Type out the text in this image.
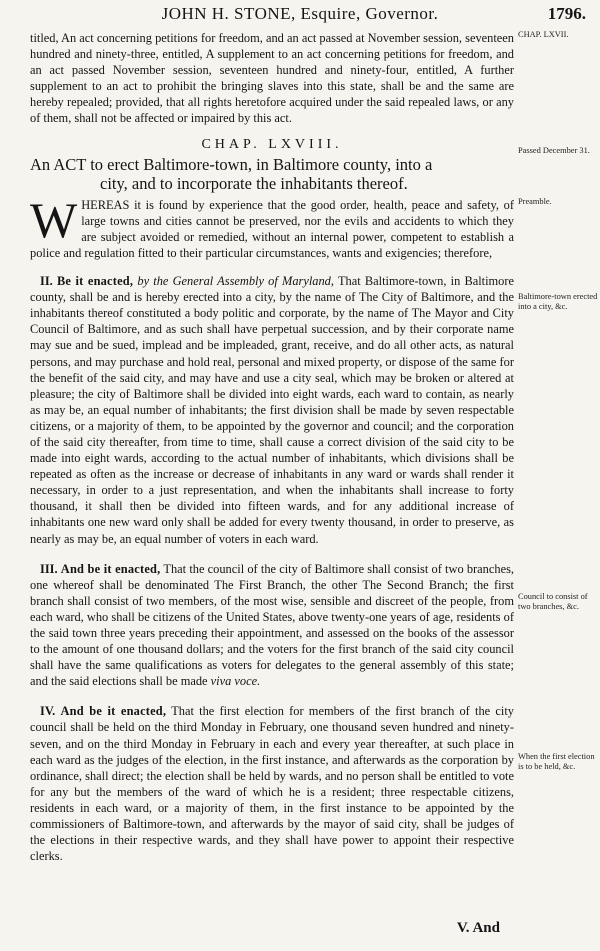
JOHN H. STONE, Esquire, Governor.	1796.
CHAP. LXVII.
Passed December 31.
Preamble.
Baltimore-town erected into a city, &c.
Council to consist of two branches, &c.
When the first election is to be held, &c.

titled, An act concerning petitions for freedom, and an act passed at November session, seventeen hundred and ninety-three, entitled, A supplement to an act concerning petitions for freedom, and an act passed November session, seventeen hundred and ninety-four, entitled, A further supplement to an act to prohibit the bringing slaves into this state, shall be and the same are hereby repealed; provided, that all rights heretofore acquired under the said repealed laws, or any of them, shall not be affected or impaired by this act.

CHAP. LXVIII.
An ACT to erect Baltimore-town, in Baltimore county, into a
city, and to incorporate the inhabitants thereof.

WHEREAS it is found by experience that the good order, health, peace and safety, of large towns and cities cannot be preserved, nor the evils and accidents to which they are subject avoided or remedied, without an internal power, competent to establish a police and regulation fitted to their particular circumstances, wants and exigencies; therefore,

II. Be it enacted, by the General Assembly of Maryland, That Baltimore-town, in Baltimore county, shall be and is hereby erected into a city, by the name of The City of Baltimore, and the inhabitants thereof constituted a body politic and corporate, by the name of The Mayor and City Council of Baltimore, and as such shall have perpetual succession, and by their corporate name may sue and be sued, implead and be impleaded, grant, receive, and do all other acts, as natural persons, and may purchase and hold real, personal and mixed property, or dispose of the same for the benefit of the said city, and may have and use a city seal, which may be broken or altered at pleasure; the city of Baltimore shall be divided into eight wards, each ward to contain, as nearly as may be, an equal number of inhabitants; the first division shall be made by seven respectable citizens, or a majority of them, to be appointed by the governor and council; and the corporation of the said city thereafter, from time to time, shall cause a correct division of the said city to be made into eight wards, according to the actual number of inhabitants, which divisions shall be repeated as often as the increase or decrease of inhabitants in any ward or wards shall render it necessary, in order to a just representation, and when the inhabitants shall increase to forty thousand, it shall then be divided into fifteen wards, and for any additional increase of inhabitants one new ward only shall be added for every twenty thousand, in order to preserve, as nearly as may be, an equal number of voters in each ward.

III. And be it enacted, That the council of the city of Baltimore shall consist of two branches, one whereof shall be denominated The First Branch, the other The Second Branch; the first branch shall consist of two members, of the most wise, sensible and discreet of the people, from each ward, who shall be citizens of the United States, above twenty-one years of age, residents of the said town three years preceding their appointment, and assessed on the books of the assessor to the amount of one thousand dollars; and the voters for the first branch of the said city council shall have the same qualifications as voters for delegates to the general assembly of this state; and the said elections shall be made viva voce.

IV. And be it enacted, That the first election for members of the first branch of the city council shall be held on the third Monday in February, one thousand seven hundred and ninety-seven, and on the third Monday in February in each and every year thereafter, at such place in each ward as the judges of the election, in the first instance, and afterwards as the corporation by ordinance, shall direct; the election shall be held by wards, and no person shall be entitled to vote for any but the members of the ward of which he is a resident; three respectable citizens, residents in each ward, or a majority of them, in the first instance to be appointed by the commissioners of Baltimore-town, and afterwards by the mayor of said city, shall be judges of the elections in their respective wards, and they shall have power to appoint their respective clerks.

V. And
